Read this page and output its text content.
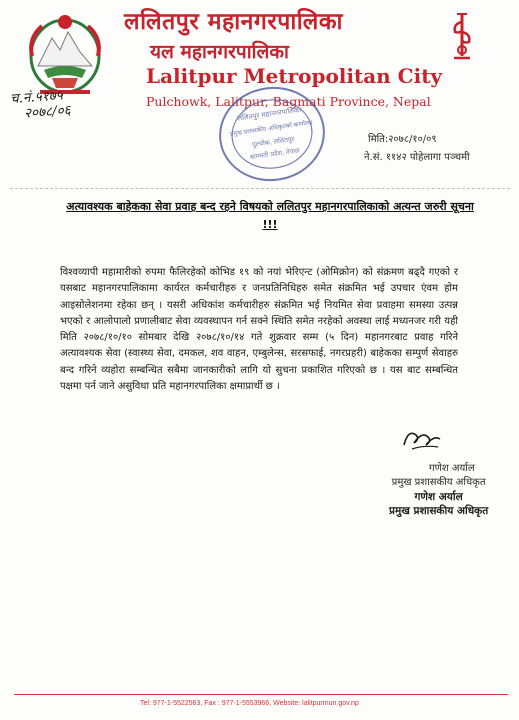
ललितपुर महानगरपालिका
यल महानगरपालिका
Lalitpur Metropolitan City
Pulchowk, Lalitpur, Bagmati Province, Nepal
च.नं.५१७५
२०७८/०६	ललितपुर महानगरपालिका
प्रमुख प्रशासकीय अधिकृतको कार्यालय
पुल्चोक, ललितपुर
बागमती प्रदेश, नेपाल
मिति:२०७८/१०/०९
ने.सं. ११४२ पोहेलागा पञ्चमी
अत्यावश्यक बाहेकका सेवा प्रवाह बन्द रहने विषयको ललितपुर महानगरपालिकाको अत्यन्त जरुरी सूचना !!!
विश्वव्यापी महामारीको रुपमा फैलिरहेको कोभिड १९ को नयां भेरिएन्ट (ओमिक्रोन) को संक्रमण बढ्दै गएको र यसबाट महानगरपालिकामा कार्यरत कर्मचारीहरु र जनप्रतिनिधिहरु समेत संक्रमित भई उपचार एंवम होम आइसोलेशनमा रहेका छन् । यसरी अधिकांश कर्मचारीहरु संक्रमित भई नियमित सेवा प्रवाहमा समस्या उत्पन्न भएको र आलोपालो प्रणालीबाट सेवा व्यवस्थापन गर्न सक्ने स्थिति समेत नरहेको अवस्था लाई मध्यनजर गरी यही मिति २०७८/१०/१० सोमबार देखि २०७८/१०/१४ गते शुक्रवार सम्म (५ दिन) महानगरबाट प्रवाह गरिने अत्यावश्यक सेवा (स्वास्थ्य सेवा, दमकल, शव वाहन, एम्बुलेन्स, सरसफाई, नगरप्रहरी) बाहेकका सम्पुर्ण सेवाहरु बन्द गरिने व्यहोरा सम्बन्धित सबैमा जानकारीको लागि यो सुचना प्रकाशित गरिएको छ । यस बाट सम्बन्धित पक्षमा पर्न जाने असुविधा प्रति महानगरपालिका क्षमाप्रार्थी छ ।
गणेश अर्याल
प्रमुख प्रशासकीय अधिकृत
गणेश अर्याल
प्रमुख प्रशासकीय अधिकृत
Tel: 977-1-5522563, Fax : 977-1-5553966, Website: lalitpurmun.gov.np
